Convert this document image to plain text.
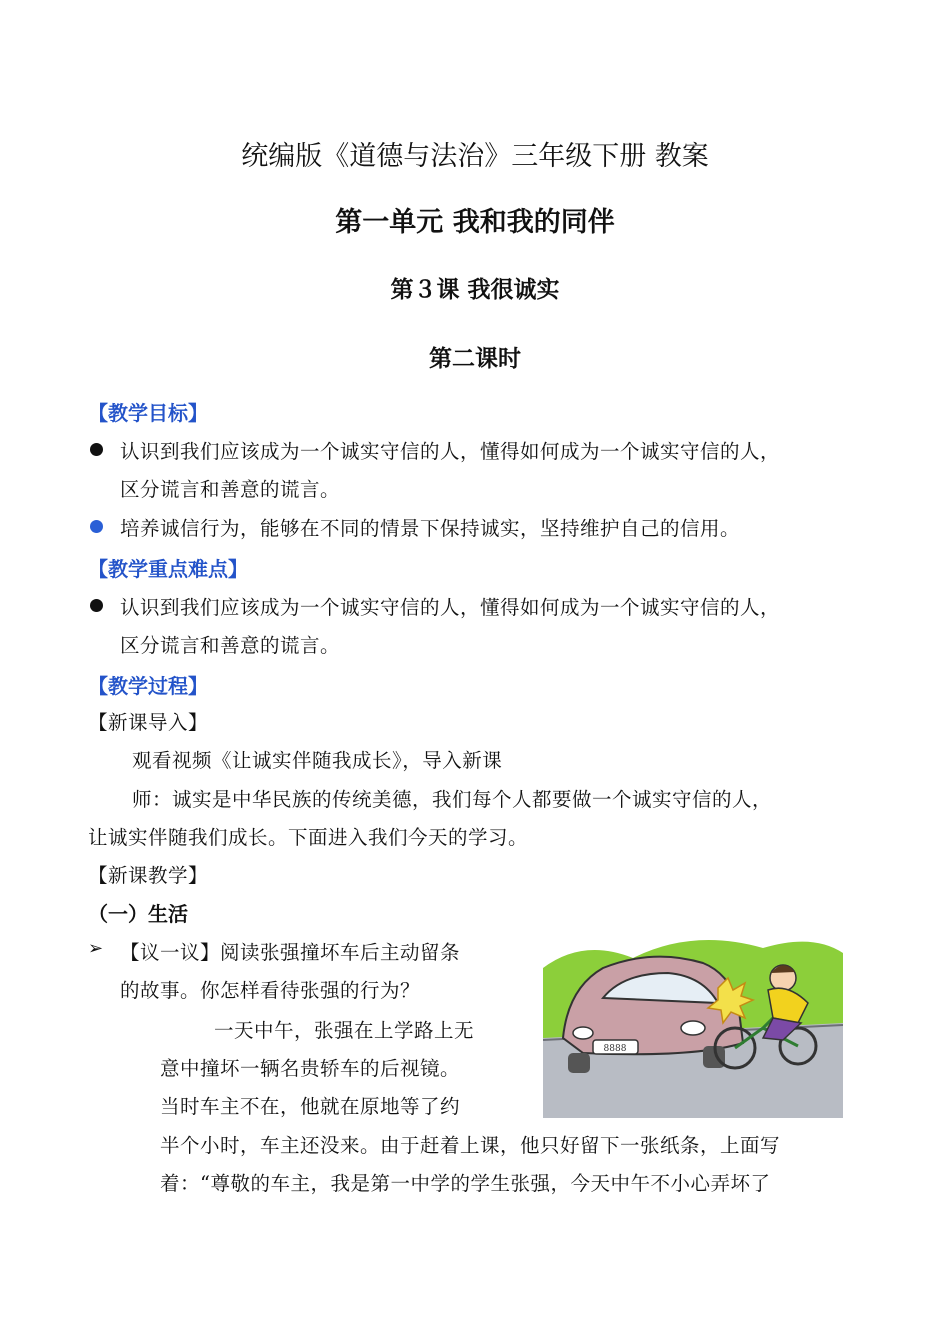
统编版《道德与法治》三年级下册 教案
第一单元 我和我的同伴
第３课 我很诚实
第二课时
【教学目标】
认识到我们应该成为一个诚实守信的人，懂得如何成为一个诚实守信的人，
区分谎言和善意的谎言。
培养诚信行为，能够在不同的情景下保持诚实，坚持维护自己的信用。
【教学重点难点】
认识到我们应该成为一个诚实守信的人，懂得如何成为一个诚实守信的人，
区分谎言和善意的谎言。
【教学过程】
【新课导入】
观看视频《让诚实伴随我成长》，导入新课
师：诚实是中华民族的传统美德，我们每个人都要做一个诚实守信的人，
让诚实伴随我们成长。下面进入我们今天的学习。
【新课教学】
（一）生活
➢ 【议一议】阅读张强撞坏车后主动留条
的故事。你怎样看待张强的行为？
一天中午，张强在上学路上无
意中撞坏一辆名贵轿车的后视镜。
当时车主不在，他就在原地等了约
半个小时，车主还没来。由于赶着上课，他只好留下一张纸条，上面写
着：“尊敬的车主，我是第一中学的学生张强，今天中午不小心弄坏了
8888
